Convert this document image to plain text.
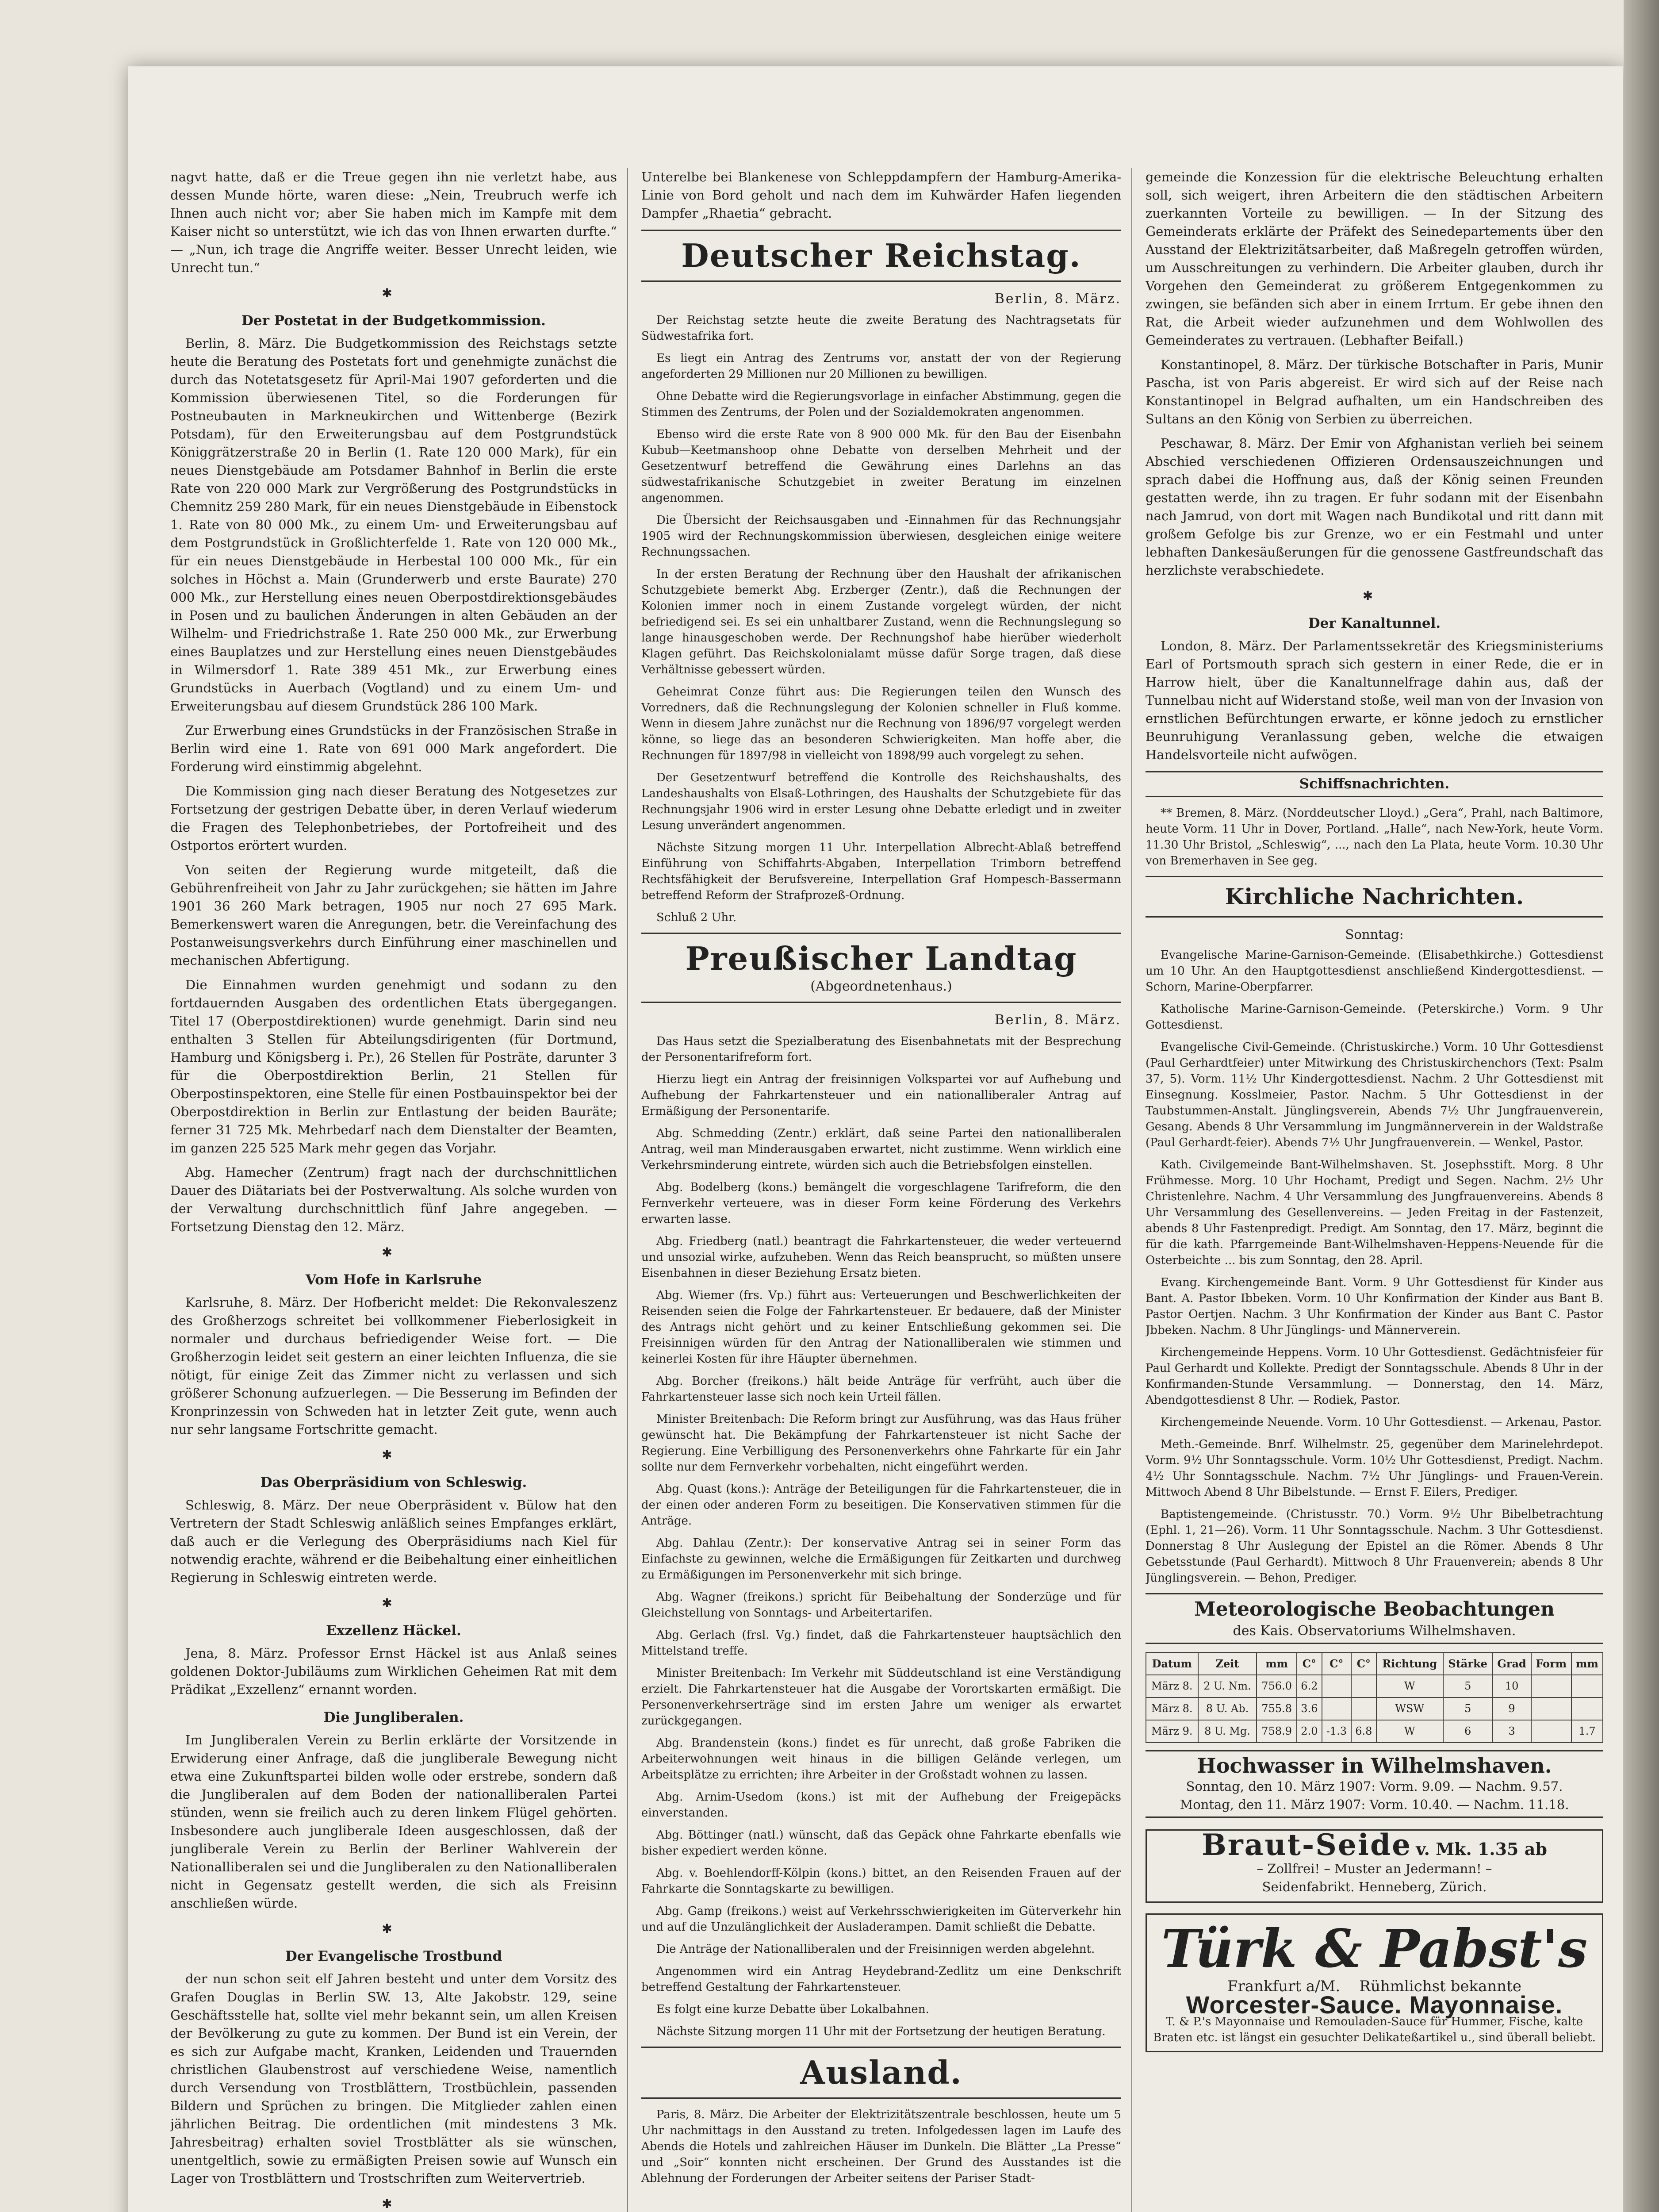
nagvt hatte, daß er die Treue gegen ihn nie verletzt habe, aus dessen Munde hörte, waren diese: „Nein, Treubruch werfe ich Ihnen auch nicht vor; aber Sie haben mich im Kampfe mit dem Kaiser nicht so unterstützt, wie ich das von Ihnen erwarten durfte.“ — „Nun, ich trage die Angriffe weiter. Besser Unrecht leiden, wie Unrecht tun.“

✱
Der Postetat in der Budgetkommission.

Berlin, 8. März. Die Budgetkommission des Reichstags setzte heute die Beratung des Postetats fort und genehmigte zunächst die durch das Notetatsgesetz für April-Mai 1907 geforderten und die Kommission überwiesenen Titel, so die Forderungen für Postneubauten in Markneukirchen und Wittenberge (Bezirk Potsdam), für den Erweiterungsbau auf dem Postgrundstück Königgrätzerstraße 20 in Berlin (1. Rate 120 000 Mark), für ein neues Dienstgebäude am Potsdamer Bahnhof in Berlin die erste Rate von 220 000 Mark zur Vergrößerung des Postgrundstücks in Chemnitz 259 280 Mark, für ein neues Dienstgebäude in Eibenstock 1. Rate von 80 000 Mk., zu einem Um- und Erweiterungsbau auf dem Postgrundstück in Großlichterfelde 1. Rate von 120 000 Mk., für ein neues Dienstgebäude in Herbestal 100 000 Mk., für ein solches in Höchst a. Main (Grunderwerb und erste Baurate) 270 000 Mk., zur Herstellung eines neuen Oberpostdirektionsgebäudes in Posen und zu baulichen Änderungen in alten Gebäuden an der Wilhelm- und Friedrichstraße 1. Rate 250 000 Mk., zur Erwerbung eines Bauplatzes und zur Herstellung eines neuen Dienstgebäudes in Wilmersdorf 1. Rate 389 451 Mk., zur Erwerbung eines Grundstücks in Auerbach (Vogtland) und zu einem Um- und Erweiterungsbau auf diesem Grundstück 286 100 Mark.

Zur Erwerbung eines Grundstücks in der Französischen Straße in Berlin wird eine 1. Rate von 691 000 Mark angefordert. Die Forderung wird einstimmig abgelehnt.

Die Kommission ging nach dieser Beratung des Notgesetzes zur Fortsetzung der gestrigen Debatte über, in deren Verlauf wiederum die Fragen des Telephonbetriebes, der Portofreiheit und des Ostportos erörtert wurden.

Von seiten der Regierung wurde mitgeteilt, daß die Gebührenfreiheit von Jahr zu Jahr zurückgehen; sie hätten im Jahre 1901 36 260 Mark betragen, 1905 nur noch 27 695 Mark. Bemerkenswert waren die Anregungen, betr. die Vereinfachung des Postanweisungsverkehrs durch Einführung einer maschinellen und mechanischen Abfertigung.

Die Einnahmen wurden genehmigt und sodann zu den fortdauernden Ausgaben des ordentlichen Etats übergegangen. Titel 17 (Oberpostdirektionen) wurde genehmigt. Darin sind neu enthalten 3 Stellen für Abteilungsdirigenten (für Dortmund, Hamburg und Königsberg i. Pr.), 26 Stellen für Posträte, darunter 3 für die Oberpostdirektion Berlin, 21 Stellen für Oberpostinspektoren, eine Stelle für einen Postbauinspektor bei der Oberpostdirektion in Berlin zur Entlastung der beiden Bauräte; ferner 31 725 Mk. Mehrbedarf nach dem Dienstalter der Beamten, im ganzen 225 525 Mark mehr gegen das Vorjahr.

Abg. Hamecher (Zentrum) fragt nach der durchschnittlichen Dauer des Diätariats bei der Postverwaltung. Als solche wurden von der Verwaltung durchschnittlich fünf Jahre angegeben. — Fortsetzung Dienstag den 12. März.

✱
Vom Hofe in Karlsruhe

Karlsruhe, 8. März. Der Hofbericht meldet: Die Rekonvaleszenz des Großherzogs schreitet bei vollkommener Fieberlosigkeit in normaler und durchaus befriedigender Weise fort. — Die Großherzogin leidet seit gestern an einer leichten Influenza, die sie nötigt, für einige Zeit das Zimmer nicht zu verlassen und sich größerer Schonung aufzuerlegen. — Die Besserung im Befinden der Kronprinzessin von Schweden hat in letzter Zeit gute, wenn auch nur sehr langsame Fortschritte gemacht.

✱
Das Oberpräsidium von Schleswig.

Schleswig, 8. März. Der neue Oberpräsident v. Bülow hat den Vertretern der Stadt Schleswig anläßlich seines Empfanges erklärt, daß auch er die Verlegung des Oberpräsidiums nach Kiel für notwendig erachte, während er die Beibehaltung einer einheitlichen Regierung in Schleswig eintreten werde.

✱
Exzellenz Häckel.

Jena, 8. März. Professor Ernst Häckel ist aus Anlaß seines goldenen Doktor-Jubiläums zum Wirklichen Geheimen Rat mit dem Prädikat „Exzellenz“ ernannt worden.

Die Jungliberalen.

Im Jungliberalen Verein zu Berlin erklärte der Vorsitzende in Erwiderung einer Anfrage, daß die jungliberale Bewegung nicht etwa eine Zukunftspartei bilden wolle oder erstrebe, sondern daß die Jungliberalen auf dem Boden der nationalliberalen Partei stünden, wenn sie freilich auch zu deren linkem Flügel gehörten. Insbesondere auch jungliberale Ideen ausgeschlossen, daß der jungliberale Verein zu Berlin der Berliner Wahlverein der Nationalliberalen sei und die Jungliberalen zu den Nationalliberalen nicht in Gegensatz gestellt werden, die sich als Freisinn anschließen würde.

✱
Der Evangelische Trostbund

der nun schon seit elf Jahren besteht und unter dem Vorsitz des Grafen Douglas in Berlin SW. 13, Alte Jakobstr. 129, seine Geschäftsstelle hat, sollte viel mehr bekannt sein, um allen Kreisen der Bevölkerung zu gute zu kommen. Der Bund ist ein Verein, der es sich zur Aufgabe macht, Kranken, Leidenden und Trauernden christlichen Glaubenstrost auf verschiedene Weise, namentlich durch Versendung von Trostblättern, Trostbüchlein, passenden Bildern und Sprüchen zu bringen. Die Mitglieder zahlen einen jährlichen Beitrag. Die ordentlichen (mit mindestens 3 Mk. Jahresbeitrag) erhalten soviel Trostblätter als sie wünschen, unentgeltlich, sowie zu ermäßigten Preisen sowie auf Wunsch ein Lager von Trostblättern und Trostschriften zum Weitervertrieb.

✱

Unterelbe bei Blankenese von Schleppdampfern der Hamburg-Amerika-Linie von Bord geholt und nach dem im Kuhwärder Hafen liegenden Dampfer „Rhaetia“ gebracht.

Deutscher Reichstag.
Berlin, 8. März.

Der Reichstag setzte heute die zweite Beratung des Nachtragsetats für Südwestafrika fort.

Es liegt ein Antrag des Zentrums vor, anstatt der von der Regierung angeforderten 29 Millionen nur 20 Millionen zu bewilligen.

Ohne Debatte wird die Regierungsvorlage in einfacher Abstimmung, gegen die Stimmen des Zentrums, der Polen und der Sozialdemokraten angenommen.

Ebenso wird die erste Rate von 8 900 000 Mk. für den Bau der Eisenbahn Kubub—Keetmanshoop ohne Debatte von derselben Mehrheit und der Gesetzentwurf betreffend die Gewährung eines Darlehns an das südwestafrikanische Schutzgebiet in zweiter Beratung im einzelnen angenommen.

Die Übersicht der Reichsausgaben und -Einnahmen für das Rechnungsjahr 1905 wird der Rechnungskommission überwiesen, desgleichen einige weitere Rechnungssachen.

In der ersten Beratung der Rechnung über den Haushalt der afrikanischen Schutzgebiete bemerkt Abg. Erzberger (Zentr.), daß die Rechnungen der Kolonien immer noch in einem Zustande vorgelegt würden, der nicht befriedigend sei. Es sei ein unhaltbarer Zustand, wenn die Rechnungslegung so lange hinausgeschoben werde. Der Rechnungshof habe hierüber wiederholt Klagen geführt. Das Reichskolonialamt müsse dafür Sorge tragen, daß diese Verhältnisse gebessert würden.

Geheimrat Conze führt aus: Die Regierungen teilen den Wunsch des Vorredners, daß die Rechnungslegung der Kolonien schneller in Fluß komme. Wenn in diesem Jahre zunächst nur die Rechnung von 1896/97 vorgelegt werden könne, so liege das an besonderen Schwierigkeiten. Man hoffe aber, die Rechnungen für 1897/98 in vielleicht von 1898/99 auch vorgelegt zu sehen.

Der Gesetzentwurf betreffend die Kontrolle des Reichshaushalts, des Landeshaushalts von Elsaß-Lothringen, des Haushalts der Schutzgebiete für das Rechnungsjahr 1906 wird in erster Lesung ohne Debatte erledigt und in zweiter Lesung unverändert angenommen.

Nächste Sitzung morgen 11 Uhr. Interpellation Albrecht-Ablaß betreffend Einführung von Schiffahrts-Abgaben, Interpellation Trimborn betreffend Rechtsfähigkeit der Berufsvereine, Interpellation Graf Hompesch-Bassermann betreffend Reform der Strafprozeß-Ordnung.

Schluß 2 Uhr.

Preußischer Landtag
(Abgeordnetenhaus.)
Berlin, 8. März.

Das Haus setzt die Spezialberatung des Eisenbahnetats mit der Besprechung der Personentarifreform fort.

Hierzu liegt ein Antrag der freisinnigen Volkspartei vor auf Aufhebung und Aufhebung der Fahrkartensteuer und ein nationalliberaler Antrag auf Ermäßigung der Personentarife.

Abg. Schmedding (Zentr.) erklärt, daß seine Partei den nationalliberalen Antrag, weil man Minderausgaben erwartet, nicht zustimme. Wenn wirklich eine Verkehrsminderung eintrete, würden sich auch die Betriebsfolgen einstellen.

Abg. Bodelberg (kons.) bemängelt die vorgeschlagene Tarifreform, die den Fernverkehr verteuere, was in dieser Form keine Förderung des Verkehrs erwarten lasse.

Abg. Friedberg (natl.) beantragt die Fahrkartensteuer, die weder verteuernd und unsozial wirke, aufzuheben. Wenn das Reich beansprucht, so müßten unsere Eisenbahnen in dieser Beziehung Ersatz bieten.

Abg. Wiemer (frs. Vp.) führt aus: Verteuerungen und Beschwerlichkeiten der Reisenden seien die Folge der Fahrkartensteuer. Er bedauere, daß der Minister des Antrags nicht gehört und zu keiner Entschließung gekommen sei. Die Freisinnigen würden für den Antrag der Nationalliberalen wie stimmen und keinerlei Kosten für ihre Häupter übernehmen.

Abg. Borcher (freikons.) hält beide Anträge für verfrüht, auch über die Fahrkartensteuer lasse sich noch kein Urteil fällen.

Minister Breitenbach: Die Reform bringt zur Ausführung, was das Haus früher gewünscht hat. Die Bekämpfung der Fahrkartensteuer ist nicht Sache der Regierung. Eine Verbilligung des Personenverkehrs ohne Fahrkarte für ein Jahr sollte nur dem Fernverkehr vorbehalten, nicht eingeführt werden.

Abg. Quast (kons.): Anträge der Beteiligungen für die Fahrkartensteuer, die in der einen oder anderen Form zu beseitigen. Die Konservativen stimmen für die Anträge.

Abg. Dahlau (Zentr.): Der konservative Antrag sei in seiner Form das Einfachste zu gewinnen, welche die Ermäßigungen für Zeitkarten und durchweg zu Ermäßigungen im Personenverkehr mit sich bringe.

Abg. Wagner (freikons.) spricht für Beibehaltung der Sonderzüge und für Gleichstellung von Sonntags- und Arbeitertarifen.

Abg. Gerlach (frsl. Vg.) findet, daß die Fahrkartensteuer hauptsächlich den Mittelstand treffe.

Minister Breitenbach: Im Verkehr mit Süddeutschland ist eine Verständigung erzielt. Die Fahrkartensteuer hat die Ausgabe der Vorortskarten ermäßigt. Die Personenverkehrserträge sind im ersten Jahre um weniger als erwartet zurückgegangen.

Abg. Brandenstein (kons.) findet es für unrecht, daß große Fabriken die Arbeiterwohnungen weit hinaus in die billigen Gelände verlegen, um Arbeitsplätze zu errichten; ihre Arbeiter in der Großstadt wohnen zu lassen.

Abg. Arnim-Usedom (kons.) ist mit der Aufhebung der Freigepäcks einverstanden.

Abg. Böttinger (natl.) wünscht, daß das Gepäck ohne Fahrkarte ebenfalls wie bisher expediert werden könne.

Abg. v. Boehlendorff-Kölpin (kons.) bittet, an den Reisenden Frauen auf der Fahrkarte die Sonntagskarte zu bewilligen.

Abg. Gamp (freikons.) weist auf Verkehrsschwierigkeiten im Güterverkehr hin und auf die Unzulänglichkeit der Ausladerampen. Damit schließt die Debatte.

Die Anträge der Nationalliberalen und der Freisinnigen werden abgelehnt.

Angenommen wird ein Antrag Heydebrand-Zedlitz um eine Denkschrift betreffend Gestaltung der Fahrkartensteuer.

Es folgt eine kurze Debatte über Lokalbahnen.

Nächste Sitzung morgen 11 Uhr mit der Fortsetzung der heutigen Beratung.

Ausland.

Paris, 8. März. Die Arbeiter der Elektrizitätszentrale beschlossen, heute um 5 Uhr nachmittags in den Ausstand zu treten. Infolgedessen lagen im Laufe des Abends die Hotels und zahlreichen Häuser im Dunkeln. Die Blätter „La Presse“ und „Soir“ konnten nicht erscheinen. Der Grund des Ausstandes ist die Ablehnung der Forderungen der Arbeiter seitens der Pariser Stadt-

gemeinde die Konzession für die elektrische Beleuchtung erhalten soll, sich weigert, ihren Arbeitern die den städtischen Arbeitern zuerkannten Vorteile zu bewilligen. — In der Sitzung des Gemeinderats erklärte der Präfekt des Seinedepartements über den Ausstand der Elektrizitätsarbeiter, daß Maßregeln getroffen würden, um Ausschreitungen zu verhindern. Die Arbeiter glauben, durch ihr Vorgehen den Gemeinderat zu größerem Entgegenkommen zu zwingen, sie befänden sich aber in einem Irrtum. Er gebe ihnen den Rat, die Arbeit wieder aufzunehmen und dem Wohlwollen des Gemeinderates zu vertrauen. (Lebhafter Beifall.)

Konstantinopel, 8. März. Der türkische Botschafter in Paris, Munir Pascha, ist von Paris abgereist. Er wird sich auf der Reise nach Konstantinopel in Belgrad aufhalten, um ein Handschreiben des Sultans an den König von Serbien zu überreichen.

Peschawar, 8. März. Der Emir von Afghanistan verlieh bei seinem Abschied verschiedenen Offizieren Ordensauszeichnungen und sprach dabei die Hoffnung aus, daß der König seinen Freunden gestatten werde, ihn zu tragen. Er fuhr sodann mit der Eisenbahn nach Jamrud, von dort mit Wagen nach Bundikotal und ritt dann mit großem Gefolge bis zur Grenze, wo er ein Festmahl und unter lebhaften Dankesäußerungen für die genossene Gastfreundschaft das herzlichste verabschiedete.

✱
Der Kanaltunnel.

London, 8. März. Der Parlamentssekretär des Kriegsministeriums Earl of Portsmouth sprach sich gestern in einer Rede, die er in Harrow hielt, über die Kanaltunnelfrage dahin aus, daß der Tunnelbau nicht auf Widerstand stoße, weil man von der Invasion von ernstlichen Befürchtungen erwarte, er könne jedoch zu ernstlicher Beunruhigung Veranlassung geben, welche die etwaigen Handelsvorteile nicht aufwögen.

Schiffsnachrichten.

** Bremen, 8. März. (Norddeutscher Lloyd.) „Gera“, Prahl, nach Baltimore, heute Vorm. 11 Uhr in Dover, Portland. „Halle“, nach New-York, heute Vorm. 11.30 Uhr Bristol, „Schleswig“, ..., nach den La Plata, heute Vorm. 10.30 Uhr von Bremerhaven in See geg.

Kirchliche Nachrichten.
Sonntag:

Evangelische Marine-Garnison-Gemeinde. (Elisabethkirche.) Gottesdienst um 10 Uhr. An den Hauptgottesdienst anschließend Kindergottesdienst. — Schorn, Marine-Oberpfarrer.

Katholische Marine-Garnison-Gemeinde. (Peterskirche.) Vorm. 9 Uhr Gottesdienst.

Evangelische Civil-Gemeinde. (Christuskirche.) Vorm. 10 Uhr Gottesdienst (Paul Gerhardtfeier) unter Mitwirkung des Christuskirchenchors (Text: Psalm 37, 5). Vorm. 11½ Uhr Kindergottesdienst. Nachm. 2 Uhr Gottesdienst mit Einsegnung. Kosslmeier, Pastor. Nachm. 5 Uhr Gottesdienst in der Taubstummen-Anstalt. Jünglingsverein, Abends 7½ Uhr Jungfrauenverein, Gesang. Abends 8 Uhr Versammlung im Jungmännerverein in der Waldstraße (Paul Gerhardt-feier). Abends 7½ Uhr Jungfrauenverein. — Wenkel, Pastor.

Kath. Civilgemeinde Bant-Wilhelmshaven. St. Josephsstift. Morg. 8 Uhr Frühmesse. Morg. 10 Uhr Hochamt, Predigt und Segen. Nachm. 2½ Uhr Christenlehre. Nachm. 4 Uhr Versammlung des Jungfrauenvereins. Abends 8 Uhr Versammlung des Gesellenvereins. — Jeden Freitag in der Fastenzeit, abends 8 Uhr Fastenpredigt. Predigt. Am Sonntag, den 17. März, beginnt die für die kath. Pfarrgemeinde Bant-Wilhelmshaven-Heppens-Neuende für die Osterbeichte ... bis zum Sonntag, den 28. April.

Evang. Kirchengemeinde Bant. Vorm. 9 Uhr Gottesdienst für Kinder aus Bant. A. Pastor Ibbeken. Vorm. 10 Uhr Konfirmation der Kinder aus Bant B. Pastor Oertjen. Nachm. 3 Uhr Konfirmation der Kinder aus Bant C. Pastor Jbbeken. Nachm. 8 Uhr Jünglings- und Männerverein.

Kirchengemeinde Heppens. Vorm. 10 Uhr Gottesdienst. Gedächtnisfeier für Paul Gerhardt und Kollekte. Predigt der Sonntagsschule. Abends 8 Uhr in der Konfirmanden-Stunde Versammlung. — Donnerstag, den 14. März, Abendgottesdienst 8 Uhr. — Rodiek, Pastor.

Kirchengemeinde Neuende. Vorm. 10 Uhr Gottesdienst. — Arkenau, Pastor.

Meth.-Gemeinde. Bnrf. Wilhelmstr. 25, gegenüber dem Marinelehrdepot. Vorm. 9½ Uhr Sonntagsschule. Vorm. 10½ Uhr Gottesdienst, Predigt. Nachm. 4½ Uhr Sonntagsschule. Nachm. 7½ Uhr Jünglings- und Frauen-Verein. Mittwoch Abend 8 Uhr Bibelstunde. — Ernst F. Eilers, Prediger.

Baptistengemeinde. (Christusstr. 70.) Vorm. 9½ Uhr Bibelbetrachtung (Ephl. 1, 21—26). Vorm. 11 Uhr Sonntagsschule. Nachm. 3 Uhr Gottesdienst. Donnerstag 8 Uhr Auslegung der Epistel an die Römer. Abends 8 Uhr Gebetsstunde (Paul Gerhardt). Mittwoch 8 Uhr Frauenverein; abends 8 Uhr Jünglingsverein. — Behon, Prediger.

Meteorologische Beobachtungen
des Kais. Observatoriums Wilhelmshaven.
Datum	Zeit	mm	C°	C°	C°	Richtung	Stärke	Grad	Form	mm
März 8.	2 U. Nm.	756.0	6.2			W	5	10		
März 8.	8 U. Ab.	755.8	3.6			WSW	5	9		
März 9.	8 U. Mg.	758.9	2.0	-1.3	6.8	W	6	3		1.7
Hochwasser in Wilhelmshaven.
Sonntag, den 10. März 1907: Vorm. 9.09. — Nachm. 9.57.
Montag, den 11. März 1907: Vorm. 10.40. — Nachm. 11.18.
Braut-Seide v. Mk. 1.35 ab
– Zollfrei! – Muster an Jedermann! –
Seidenfabrikt. Henneberg, Zürich.
Türk & Pabst's
Frankfurt a/M. Rühmlichst bekannte
Worcester-Sauce. Mayonnaise.
T. & P.'s Mayonnaise und Remouladen-Sauce für Hummer, Fische, kalte Braten etc. ist längst ein gesuchter Delikateßartikel u., sind überall beliebt.
